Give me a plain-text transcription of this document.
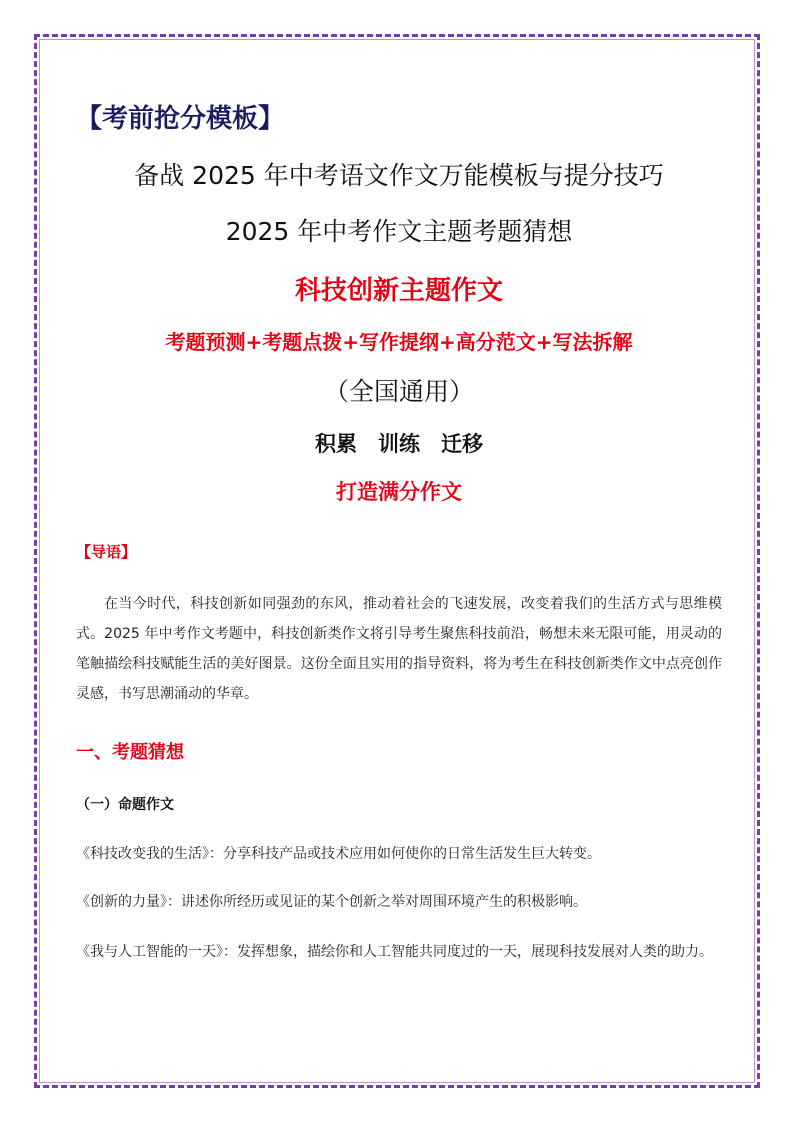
【考前抢分模板】
备战 2025 年中考语文作文万能模板与提分技巧
2025 年中考作文主题考题猜想
科技创新主题作文
考题预测+考题点拨+写作提纲+高分范文+写法拆解
（全国通用）
积累　训练　迁移
打造满分作文
【导语】
在当今时代，科技创新如同强劲的东风，推动着社会的飞速发展，改变着我们的生活方式与思维模式。2025 年中考作文考题中，科技创新类作文将引导考生聚焦科技前沿，畅想未来无限可能，用灵动的笔触描绘科技赋能生活的美好图景。这份全面且实用的指导资料，将为考生在科技创新类作文中点亮创作灵感，书写思潮涌动的华章。
一、考题猜想
（一）命题作文
《科技改变我的生活》：分享科技产品或技术应用如何使你的日常生活发生巨大转变。
《创新的力量》：讲述你所经历或见证的某个创新之举对周围环境产生的积极影响。
《我与人工智能的一天》：发挥想象，描绘你和人工智能共同度过的一天，展现科技发展对人类的助力。
